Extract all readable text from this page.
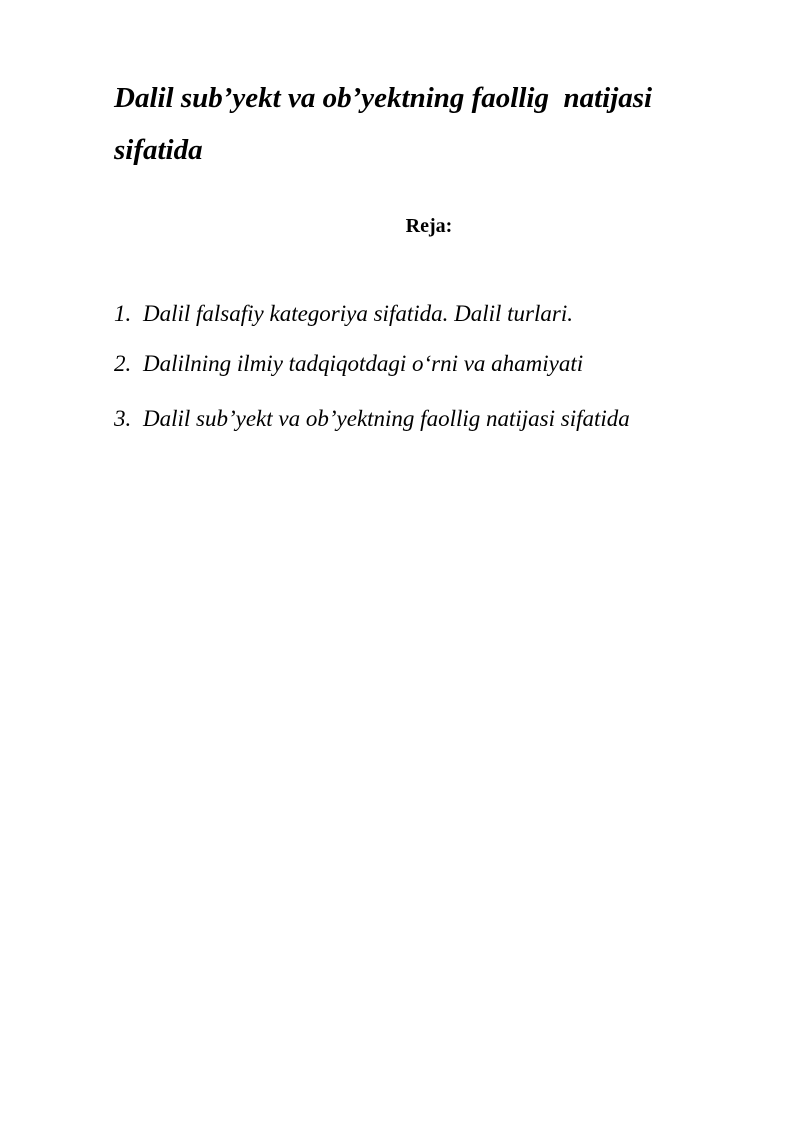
Dalil sub’yekt va ob’yektning faollig  natijasi sifatida

Reja:

1. Dalil falsafiy kategoriya sifatida. Dalil turlari.
2. Dalilning ilmiy tadqiqotdagi o‘rni va ahamiyati
3. Dalil sub’yekt va ob’yektning faollig natijasi sifatida
